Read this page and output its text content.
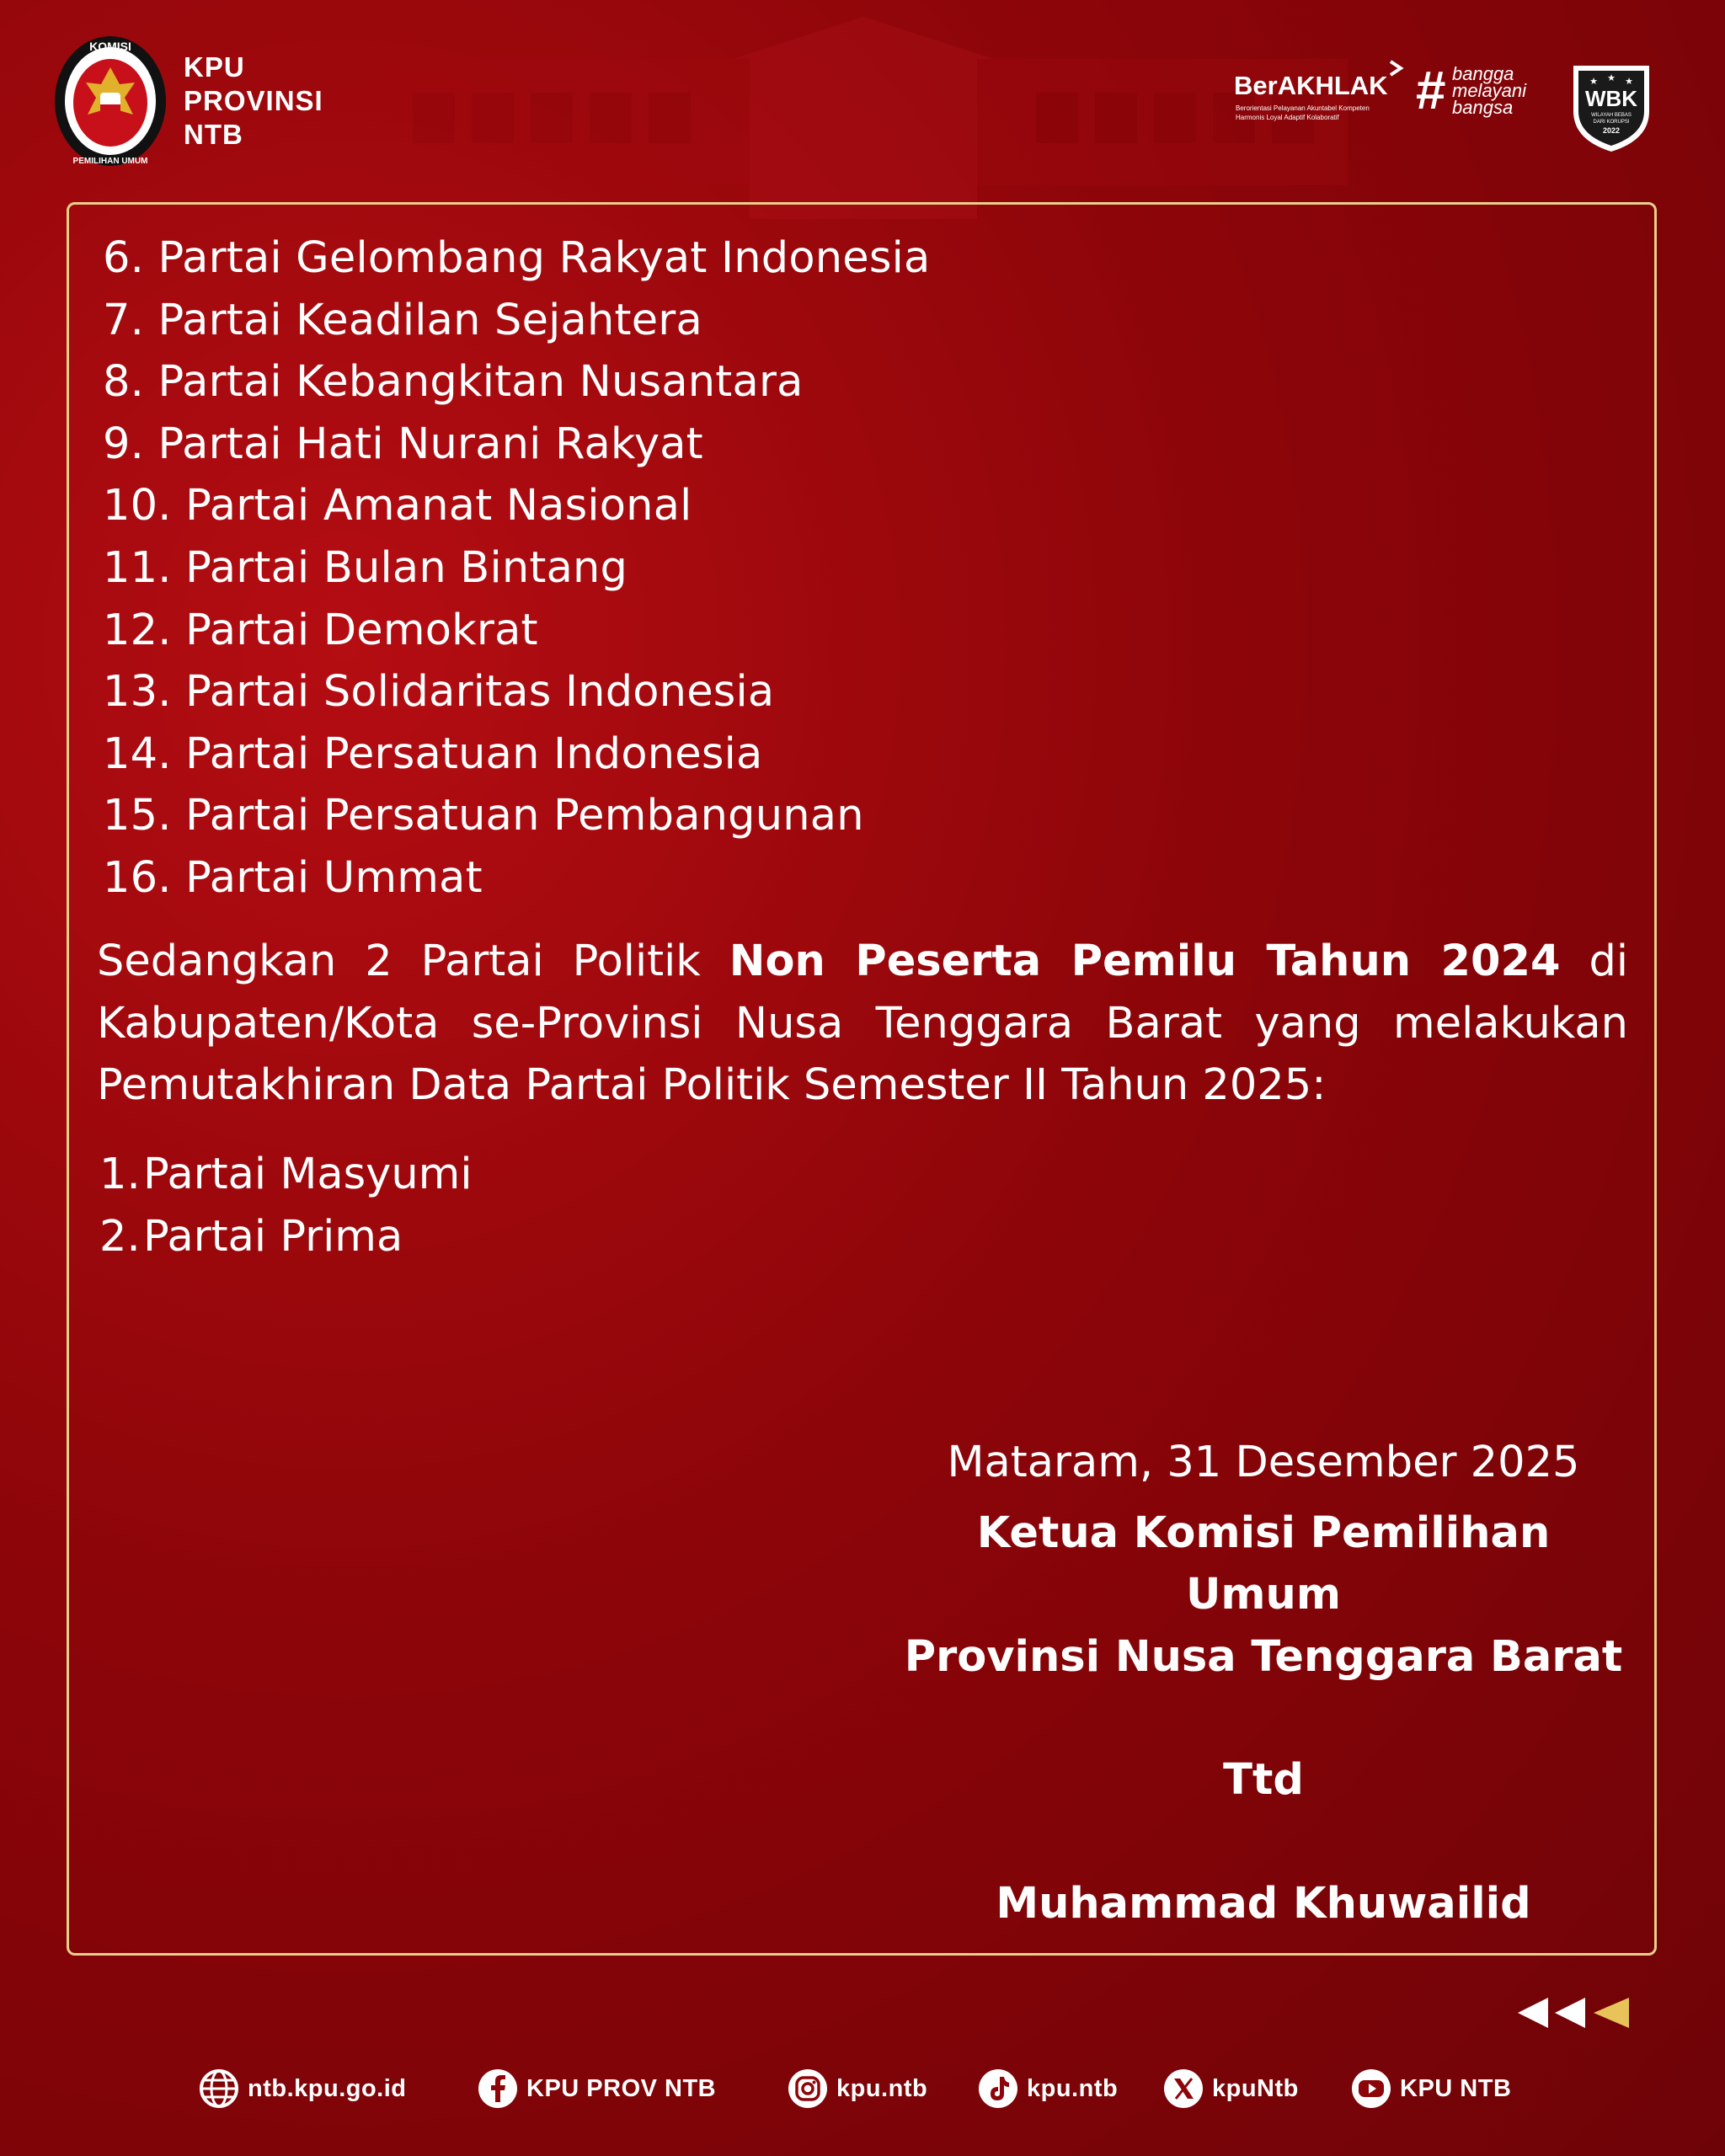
KOMISI
PEMILIHAN UMUM
KPU
PROVINSI
NTB
BerAKHLAK
Berorientasi Pelayanan Akuntabel Kompeten
Harmonis Loyal Adaptif Kolaboratif # bangga
melayani
bangsa
★ ★ ★
WBK
WILAYAH BEBAS
DARI KORUPSI
2022
6. Partai Gelombang Rakyat Indonesia
7. Partai Keadilan Sejahtera
8. Partai Kebangkitan Nusantara
9. Partai Hati Nurani Rakyat
10. Partai Amanat Nasional
11. Partai Bulan Bintang
12. Partai Demokrat
13. Partai Solidaritas Indonesia
14. Partai Persatuan Indonesia
15. Partai Persatuan Pembangunan
16. Partai Ummat
Sedangkan 2 Partai Politik Non Peserta Pemilu Tahun 2024 di Kabupaten/Kota se-Provinsi Nusa Tenggara Barat yang melakukan Pemutakhiran Data Partai Politik Semester II Tahun 2025:
1. Partai Masyumi
2. Partai Prima
Mataram, 31 Desember 2025
Ketua Komisi Pemilihan Umum
Provinsi Nusa Tenggara Barat
Ttd
Muhammad Khuwailid
ntb.kpu.go.id	KPU PROV NTB	kpu.ntb	kpu.ntb	kpuNtb	KPU NTB
